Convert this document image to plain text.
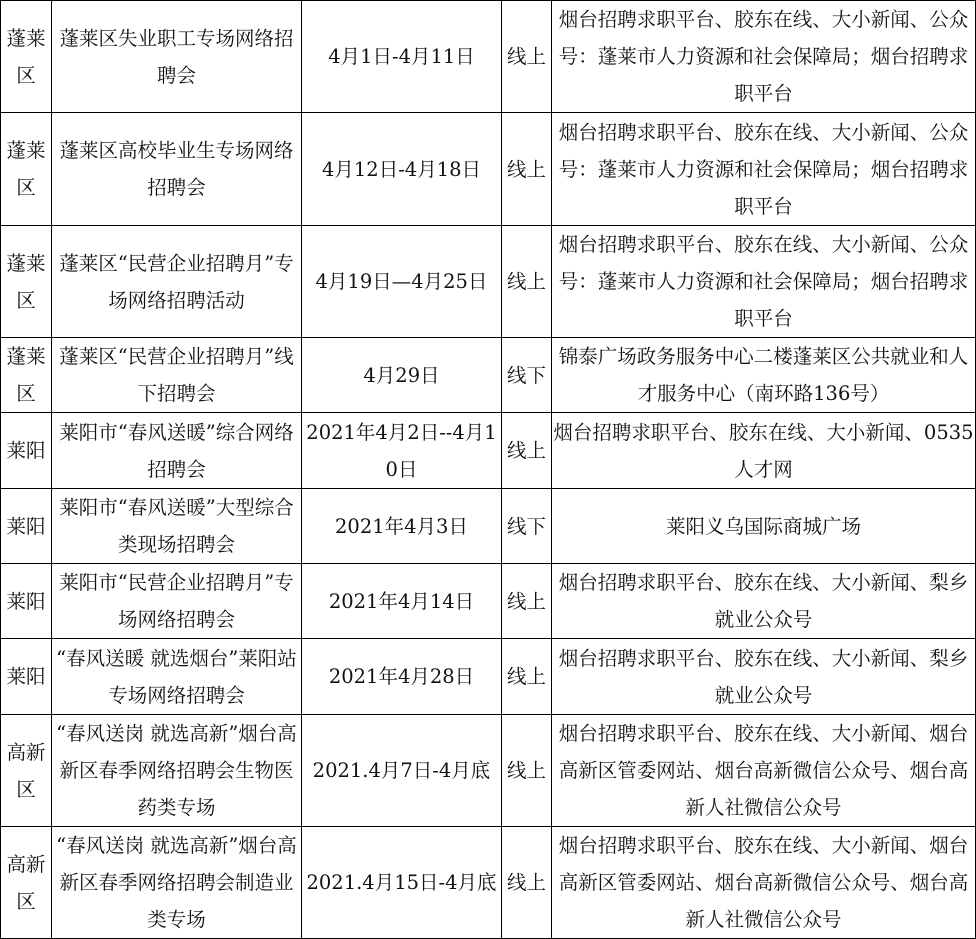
蓬莱区	蓬莱区失业职工专场网络招聘会	4月1日-4月11日	线上	烟台招聘求职平台、胶东在线、大小新闻、公众号：蓬莱市人力资源和社会保障局；烟台招聘求职平台
蓬莱区	蓬莱区高校毕业生专场网络招聘会	4月12日-4月18日	线上	烟台招聘求职平台、胶东在线、大小新闻、公众号：蓬莱市人力资源和社会保障局；烟台招聘求职平台
蓬莱区	蓬莱区“民营企业招聘月”专场网络招聘活动	4月19日—4月25日	线上	烟台招聘求职平台、胶东在线、大小新闻、公众号：蓬莱市人力资源和社会保障局；烟台招聘求职平台
蓬莱区	蓬莱区“民营企业招聘月”线下招聘会	4月29日	线下	锦泰广场政务服务中心二楼蓬莱区公共就业和人才服务中心（南环路136号）
莱阳	莱阳市“春风送暖”综合网络招聘会	2021年4月2日--4月10日	线上	烟台招聘求职平台、胶东在线、大小新闻、0535人才网
莱阳	莱阳市“春风送暖”大型综合类现场招聘会	2021年4月3日	线下	莱阳义乌国际商城广场
莱阳	莱阳市“民营企业招聘月”专场网络招聘会	2021年4月14日	线上	烟台招聘求职平台、胶东在线、大小新闻、梨乡就业公众号
莱阳	“春风送暖 就选烟台”莱阳站专场网络招聘会	2021年4月28日	线上	烟台招聘求职平台、胶东在线、大小新闻、梨乡就业公众号
高新区	“春风送岗 就选高新”烟台高新区春季网络招聘会生物医药类专场	2021.4月7日-4月底	线上	烟台招聘求职平台、胶东在线、大小新闻、烟台高新区管委网站、烟台高新微信公众号、烟台高新人社微信公众号
高新区	“春风送岗 就选高新”烟台高新区春季网络招聘会制造业类专场	2021.4月15日-4月底	线上	烟台招聘求职平台、胶东在线、大小新闻、烟台高新区管委网站、烟台高新微信公众号、烟台高新人社微信公众号
